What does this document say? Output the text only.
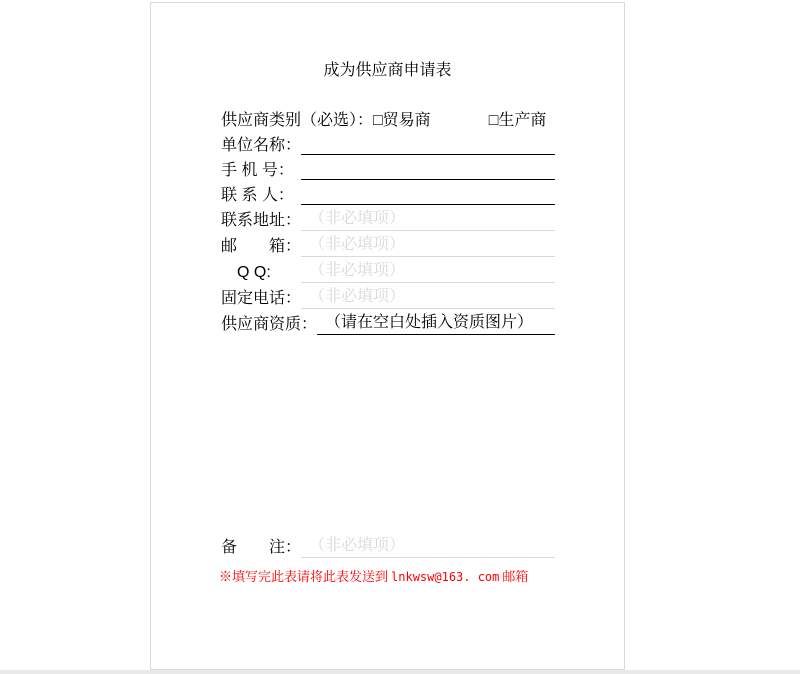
成为供应商申请表

供应商类别（必选）：□贸易商	□生产商

单位名称：
手 机 号：
联 系 人：
联系地址： （非必填项）
邮　　箱： （非必填项）
　Q Q:	（非必填项）
固定电话： （非必填项）
供应商资质： （请在空白处插入资质图片）
备　　注： （非必填项）
※填写完此表请将此表发送到 lnkwsw@163. com 邮箱
